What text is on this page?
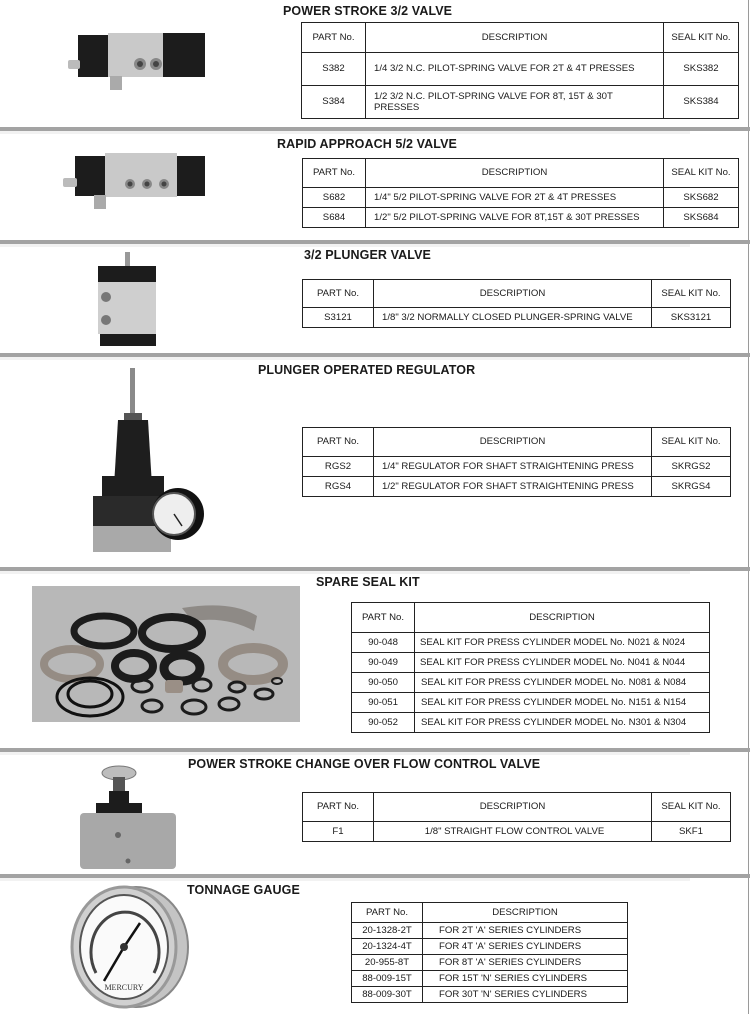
POWER STROKE 3/2 VALVE
PART No.	DESCRIPTION	SEAL KIT No.
S382	1/4 3/2 N.C. PILOT-SPRING VALVE FOR 2T & 4T PRESSES	SKS382
S384	1/2 3/2 N.C. PILOT-SPRING VALVE FOR 8T, 15T & 30T PRESSES	SKS384
RAPID APPROACH 5/2 VALVE
PART No.	DESCRIPTION	SEAL KIT No.
S682	1/4" 5/2 PILOT-SPRING VALVE FOR 2T & 4T PRESSES	SKS682
S684	1/2" 5/2 PILOT-SPRING VALVE FOR 8T,15T & 30T PRESSES	SKS684
3/2 PLUNGER VALVE
PART No.	DESCRIPTION	SEAL KIT No.
S3121	1/8" 3/2 NORMALLY CLOSED PLUNGER-SPRING VALVE	SKS3121
PLUNGER OPERATED REGULATOR
PART No.	DESCRIPTION	SEAL KIT No.
RGS2	1/4" REGULATOR FOR SHAFT STRAIGHTENING PRESS	SKRGS2
RGS4	1/2" REGULATOR FOR SHAFT STRAIGHTENING PRESS	SKRGS4
SPARE SEAL KIT
PART No.	DESCRIPTION
90-048	SEAL KIT FOR PRESS CYLINDER MODEL No. N021 & N024
90-049	SEAL KIT FOR PRESS CYLINDER MODEL No. N041 & N044
90-050	SEAL KIT FOR PRESS CYLINDER MODEL No. N081 & N084
90-051	SEAL KIT FOR PRESS CYLINDER MODEL No. N151 & N154
90-052	SEAL KIT FOR PRESS CYLINDER MODEL No. N301 & N304
POWER STROKE CHANGE OVER FLOW CONTROL VALVE
PART No.	DESCRIPTION	SEAL KIT No.
F1	1/8" STRAIGHT FLOW CONTROL VALVE	SKF1
TONNAGE GAUGE
MERCURY
PART No.	DESCRIPTION
20-1328-2T	FOR 2T 'A' SERIES CYLINDERS
20-1324-4T	FOR 4T 'A' SERIES CYLINDERS
20-955-8T	FOR 8T 'A' SERIES CYLINDERS
88-009-15T	FOR 15T 'N' SERIES CYLINDERS
88-009-30T	FOR 30T 'N' SERIES CYLINDERS
